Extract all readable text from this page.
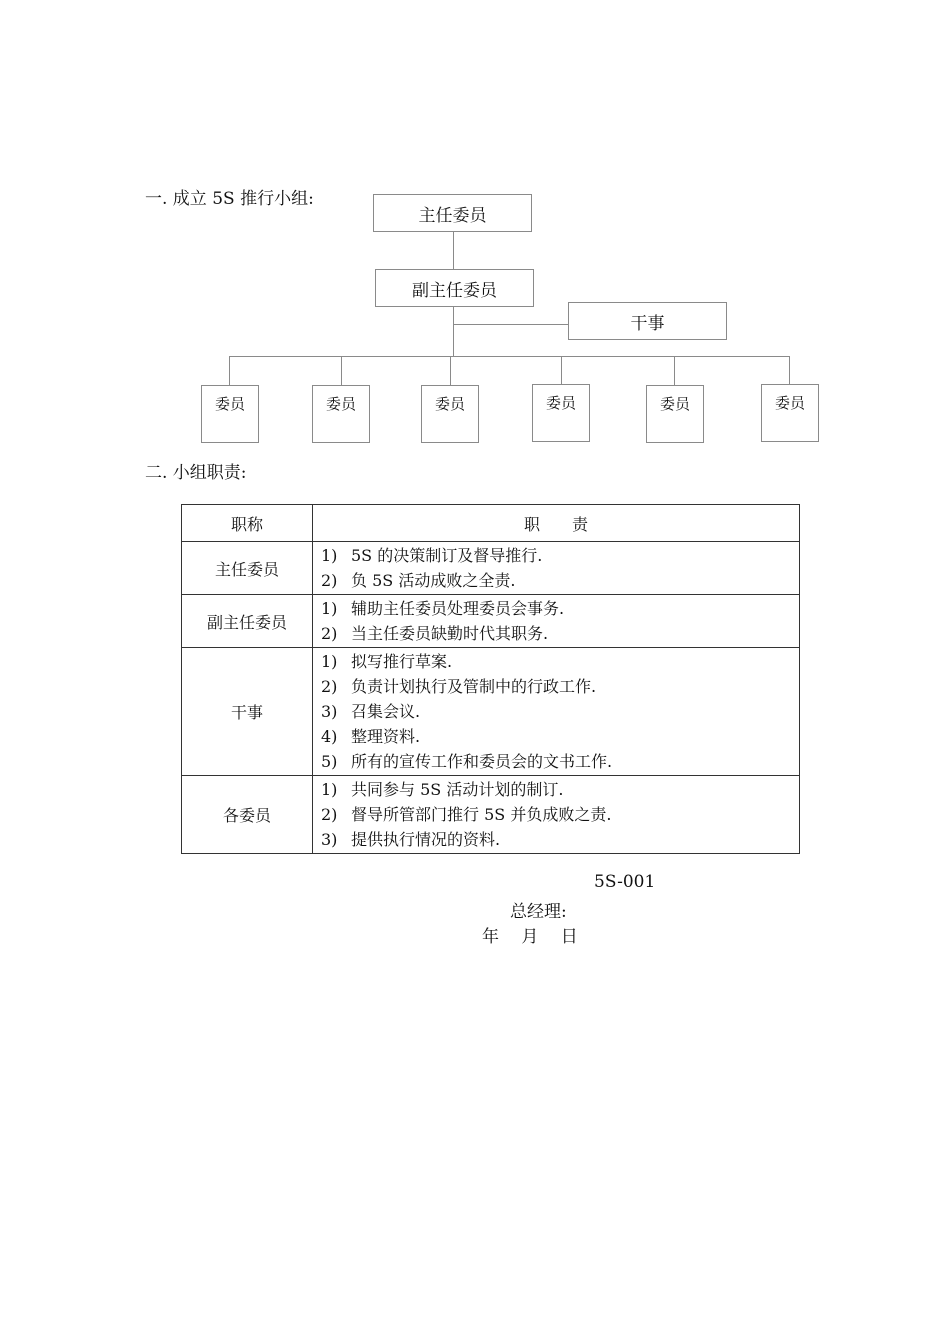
一. 成立 5S 推行小组:
主任委员
副主任委员
干事
委员	委员	委员	委员	委员	委员
二. 小组职责:
职称	职　　责
主任委员	1) 5S 的决策制订及督导推行.
2) 负 5S 活动成败之全责.

副主任委员	1) 辅助主任委员处理委员会事务.
2) 当主任委员缺勤时代其职务.

干事	1) 拟写推行草案.
2) 负责计划执行及管制中的行政工作.
3) 召集会议.
4) 整理资料.
5) 所有的宣传工作和委员会的文书工作.

各委员	1) 共同参与 5S 活动计划的制订.
2) 督导所管部门推行 5S 并负成败之责.
3) 提供执行情况的资料.
5S-001
总经理:
年　 月　 日
